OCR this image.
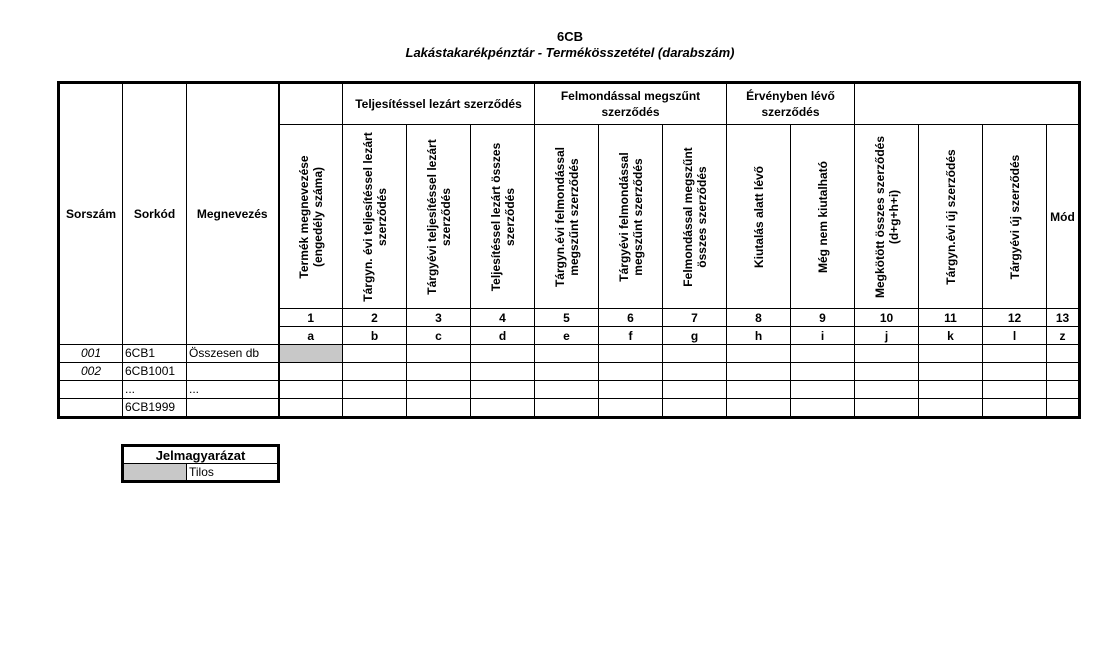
6CB
Lakástakarékpénztár - Termékösszetétel (darabszám)
Sorszám	Sorkód	Megnevezés		Teljesítéssel lezárt szerződés			Felmondással megszűnt szerződés			Érvényben lévő szerződés					

			Termék megnevezése (engedély száma)	Tárgyn. évi teljesítéssel lezárt szerződés	Tárgyévi teljesítéssel lezárt szerződés	Teljesítéssel lezárt összes szerződés	Tárgyn.évi felmondással megszűnt szerződés	Tárgyévi felmondással megszűnt szerződés	Felmondással megszűnt összes szerződés	Kiutalás alatt lévő	Még nem kiutalható	Megkötött összes szerződés (d+g+h+i)	Tárgyn.évi új szerződés	Tárgyévi új szerződés	Mód
			1	2	3	4	5	6	7	8	9	10	11	12	13
			a	b	c	d	e	f	g	h	i	j	k	l	z
001	6CB1	Összesen db													
002	6CB1001														
	...	...													
	6CB1999														
Jelmagyarázat
	Tilos
